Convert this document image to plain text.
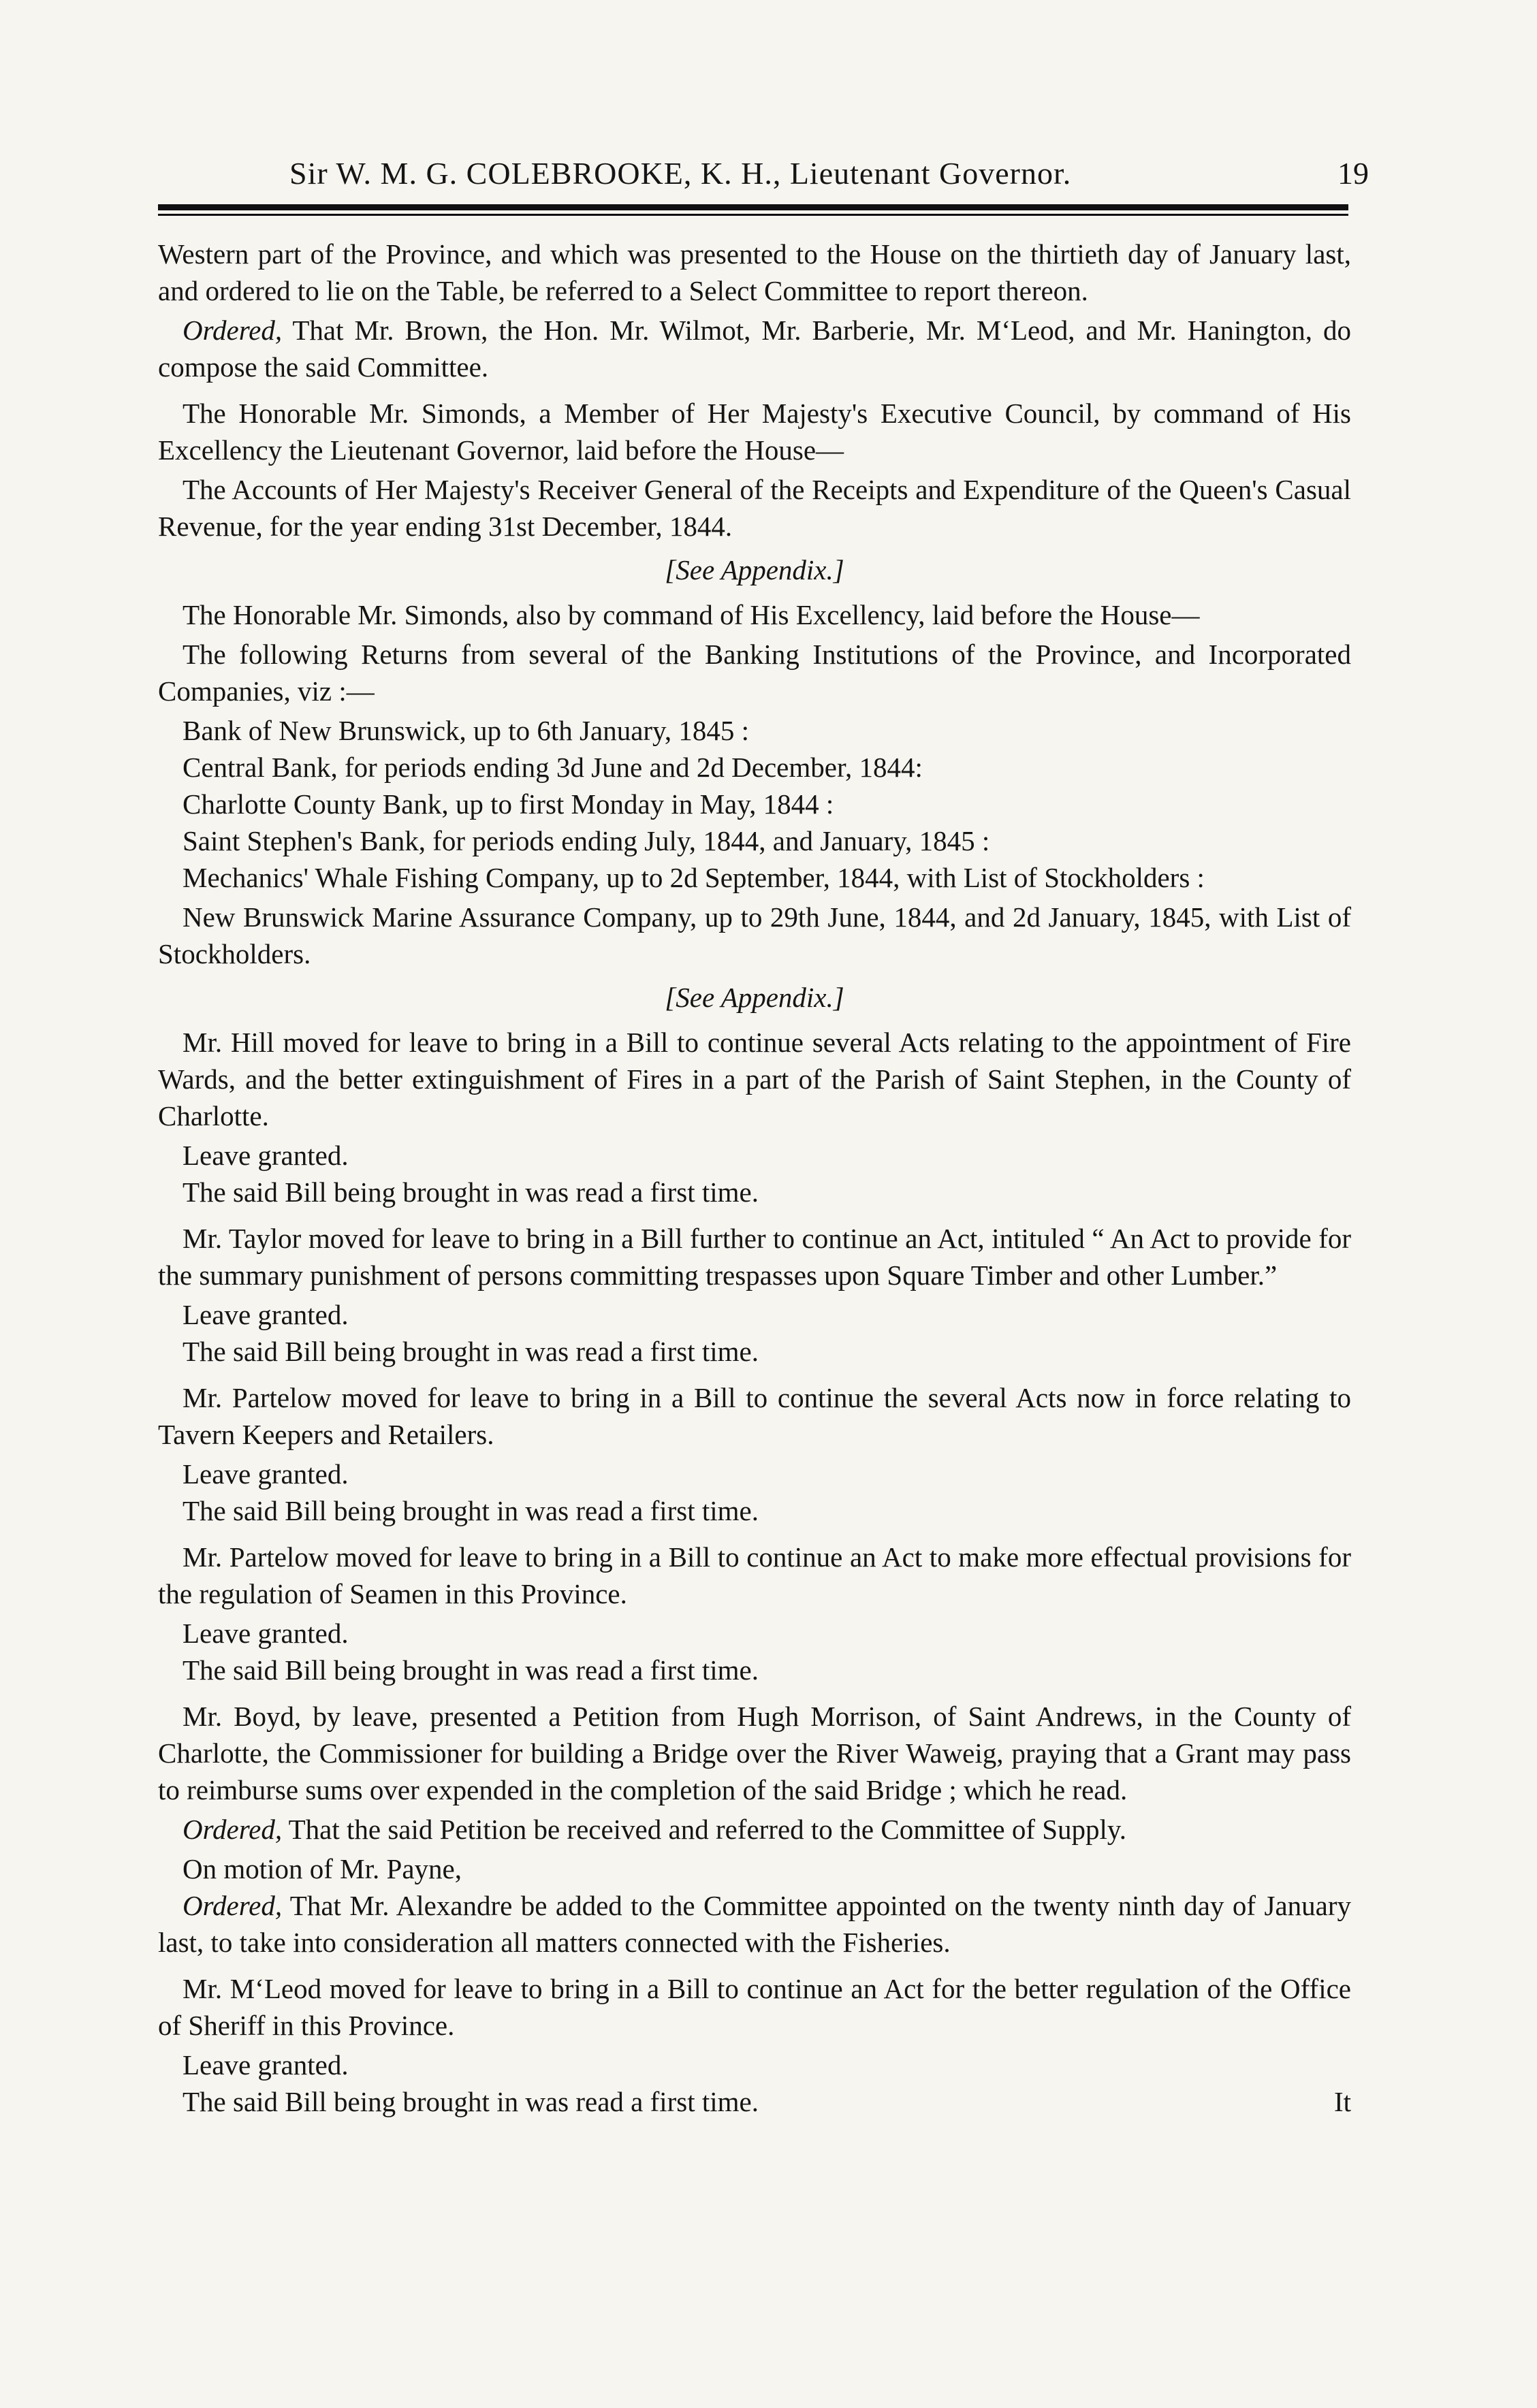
Sir W. M. G. COLEBROOKE, K. H., Lieutenant Governor.	19

Western part of the Province, and which was presented to the House on the thirtieth day of January last, and ordered to lie on the Table, be referred to a Select Committee to report thereon.

Ordered, That Mr. Brown, the Hon. Mr. Wilmot, Mr. Barberie, Mr. M‘Leod, and Mr. Hanington, do compose the said Committee.

The Honorable Mr. Simonds, a Member of Her Majesty's Executive Council, by command of His Excellency the Lieutenant Governor, laid before the House—

The Accounts of Her Majesty's Receiver General of the Receipts and Expenditure of the Queen's Casual Revenue, for the year ending 31st December, 1844.

[See Appendix.]

The Honorable Mr. Simonds, also by command of His Excellency, laid before the House—

The following Returns from several of the Banking Institutions of the Province, and Incorporated Companies, viz :—

Bank of New Brunswick, up to 6th January, 1845 :

Central Bank, for periods ending 3d June and 2d December, 1844:

Charlotte County Bank, up to first Monday in May, 1844 :

Saint Stephen's Bank, for periods ending July, 1844, and January, 1845 :

Mechanics' Whale Fishing Company, up to 2d September, 1844, with List of Stockholders :

New Brunswick Marine Assurance Company, up to 29th June, 1844, and 2d January, 1845, with List of Stockholders.

[See Appendix.]

Mr. Hill moved for leave to bring in a Bill to continue several Acts relating to the appointment of Fire Wards, and the better extinguishment of Fires in a part of the Parish of Saint Stephen, in the County of Charlotte.

Leave granted.

The said Bill being brought in was read a first time.

Mr. Taylor moved for leave to bring in a Bill further to continue an Act, intituled “ An Act to provide for the summary punishment of persons committing trespasses upon Square Timber and other Lumber.”

Leave granted.

The said Bill being brought in was read a first time.

Mr. Partelow moved for leave to bring in a Bill to continue the several Acts now in force relating to Tavern Keepers and Retailers.

Leave granted.

The said Bill being brought in was read a first time.

Mr. Partelow moved for leave to bring in a Bill to continue an Act to make more effectual provisions for the regulation of Seamen in this Province.

Leave granted.

The said Bill being brought in was read a first time.

Mr. Boyd, by leave, presented a Petition from Hugh Morrison, of Saint Andrews, in the County of Charlotte, the Commissioner for building a Bridge over the River Waweig, praying that a Grant may pass to reimburse sums over expended in the completion of the said Bridge ; which he read.

Ordered, That the said Petition be received and referred to the Committee of Supply.

On motion of Mr. Payne,

Ordered, That Mr. Alexandre be added to the Committee appointed on the twenty ninth day of January last, to take into consideration all matters connected with the Fisheries.

Mr. M‘Leod moved for leave to bring in a Bill to continue an Act for the better regulation of the Office of Sheriff in this Province.

Leave granted.

The said Bill being brought in was read a first time.	It
